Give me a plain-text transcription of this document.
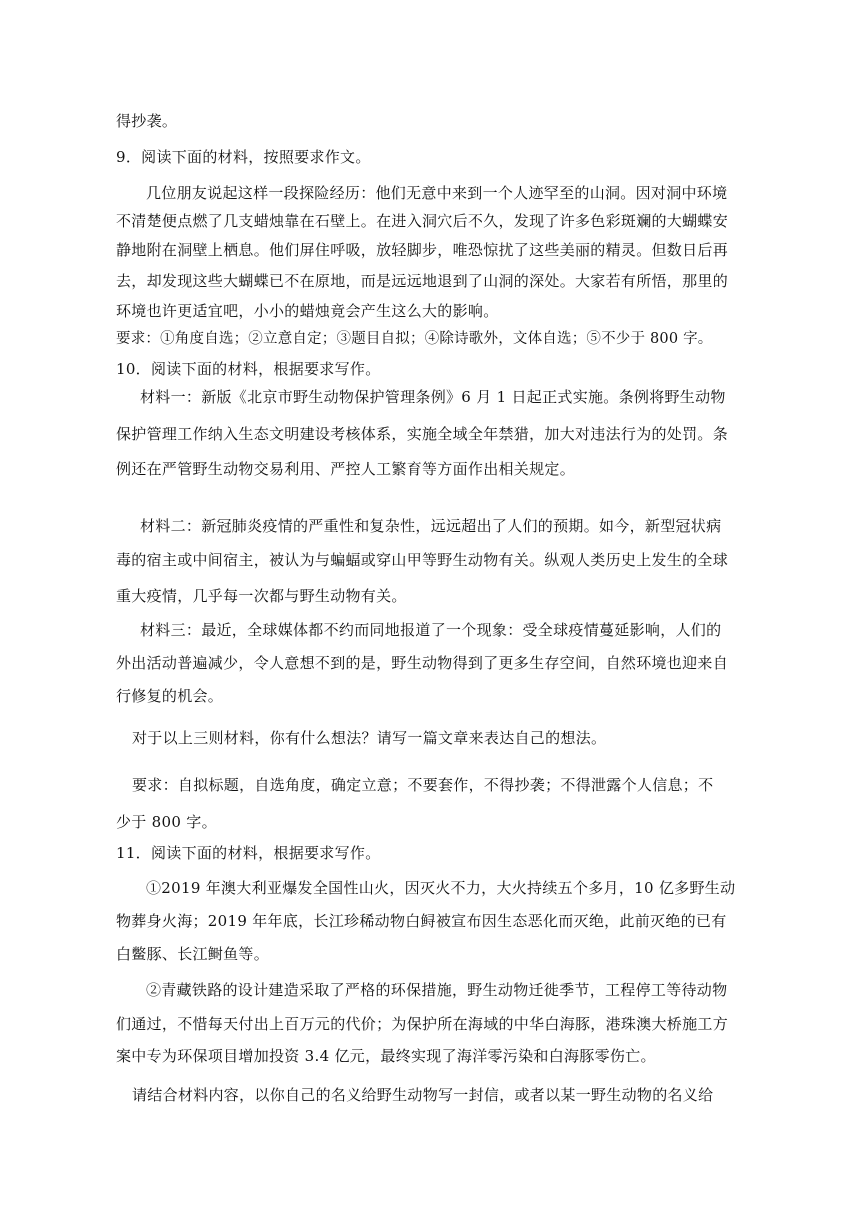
得抄袭。
9．阅读下面的材料，按照要求作文。
几位朋友说起这样一段探险经历：他们无意中来到一个人迹罕至的山洞。因对洞中环境
不清楚便点燃了几支蜡烛靠在石壁上。在进入洞穴后不久，发现了许多色彩斑斓的大蝴蝶安
静地附在洞壁上栖息。他们屏住呼吸，放轻脚步，唯恐惊扰了这些美丽的精灵。但数日后再
去，却发现这些大蝴蝶已不在原地，而是远远地退到了山洞的深处。大家若有所悟，那里的
环境也许更适宜吧，小小的蜡烛竟会产生这么大的影响。
要求：①角度自选；②立意自定；③题目自拟；④除诗歌外，文体自选；⑤不少于 800 字。
10．阅读下面的材料，根据要求写作。
材料一：新版《北京市野生动物保护管理条例》6 月 1 日起正式实施。条例将野生动物
保护管理工作纳入生态文明建设考核体系，实施全域全年禁猎，加大对违法行为的处罚。条
例还在严管野生动物交易利用、严控人工繁育等方面作出相关规定。
材料二：新冠肺炎疫情的严重性和复杂性，远远超出了人们的预期。如今，新型冠状病
毒的宿主或中间宿主，被认为与蝙蝠或穿山甲等野生动物有关。纵观人类历史上发生的全球
重大疫情，几乎每一次都与野生动物有关。
材料三：最近，全球媒体都不约而同地报道了一个现象：受全球疫情蔓延影响，人们的
外出活动普遍减少，令人意想不到的是，野生动物得到了更多生存空间，自然环境也迎来自
行修复的机会。
对于以上三则材料，你有什么想法？请写一篇文章来表达自己的想法。
要求：自拟标题，自选角度，确定立意；不要套作，不得抄袭；不得泄露个人信息；不
少于 800 字。
11．阅读下面的材料，根据要求写作。
①2019 年澳大利亚爆发全国性山火，因灭火不力，大火持续五个多月，10 亿多野生动
物葬身火海；2019 年年底，长江珍稀动物白鲟被宣布因生态恶化而灭绝，此前灭绝的已有
白鳖豚、长江鲥鱼等。
②青藏铁路的设计建造采取了严格的环保措施，野生动物迁徙季节，工程停工等待动物
们通过，不惜每天付出上百万元的代价；为保护所在海域的中华白海豚，港珠澳大桥施工方
案中专为环保项目增加投资 3.4 亿元，最终实现了海洋零污染和白海豚零伤亡。
请结合材料内容，以你自己的名义给野生动物写一封信，或者以某一野生动物的名义给
